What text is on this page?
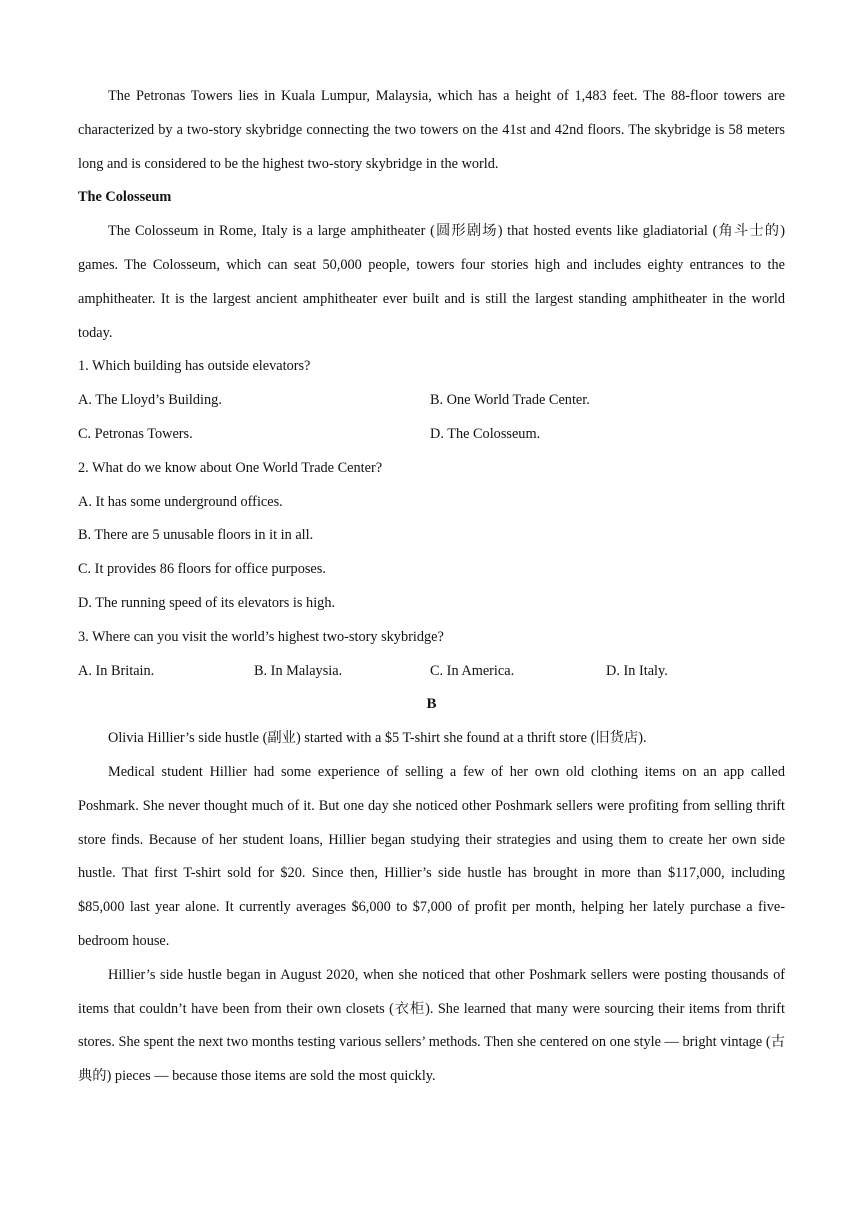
The Petronas Towers lies in Kuala Lumpur, Malaysia, which has a height of 1,483 feet. The 88-floor towers are characterized by a two-story skybridge connecting the two towers on the 41st and 42nd floors. The skybridge is 58 meters long and is considered to be the highest two-story skybridge in the world.

The Colosseum

The Colosseum in Rome, Italy is a large amphitheater (圆形剧场) that hosted events like gladiatorial (角斗士的) games. The Colosseum, which can seat 50,000 people, towers four stories high and includes eighty entrances to the amphitheater. It is the largest ancient amphitheater ever built and is still the largest standing amphitheater in the world today.

1. Which building has outside elevators?

A. The Lloyd’s Building.	B. One World Trade Center.
C. Petronas Towers.	D. The Colosseum.

2. What do we know about One World Trade Center?

A. It has some underground offices.

B. There are 5 unusable floors in it in all.

C. It provides 86 floors for office purposes.

D. The running speed of its elevators is high.

3. Where can you visit the world’s highest two-story skybridge?

A. In Britain.	B. In Malaysia.	C. In America.	D. In Italy.

B

Olivia Hillier’s side hustle (副业) started with a $5 T-shirt she found at a thrift store (旧货店).

Medical student Hillier had some experience of selling a few of her own old clothing items on an app called Poshmark. She never thought much of it. But one day she noticed other Poshmark sellers were profiting from selling thrift store finds. Because of her student loans, Hillier began studying their strategies and using them to create her own side hustle. That first T-shirt sold for $20. Since then, Hillier’s side hustle has brought in more than $117,000, including $85,000 last year alone. It currently averages $6,000 to $7,000 of profit per month, helping her lately purchase a five-bedroom house.

Hillier’s side hustle began in August 2020, when she noticed that other Poshmark sellers were posting thousands of items that couldn’t have been from their own closets (衣柜). She learned that many were sourcing their items from thrift stores. She spent the next two months testing various sellers’ methods. Then she centered on one style — bright vintage (古典的) pieces — because those items are sold the most quickly.
